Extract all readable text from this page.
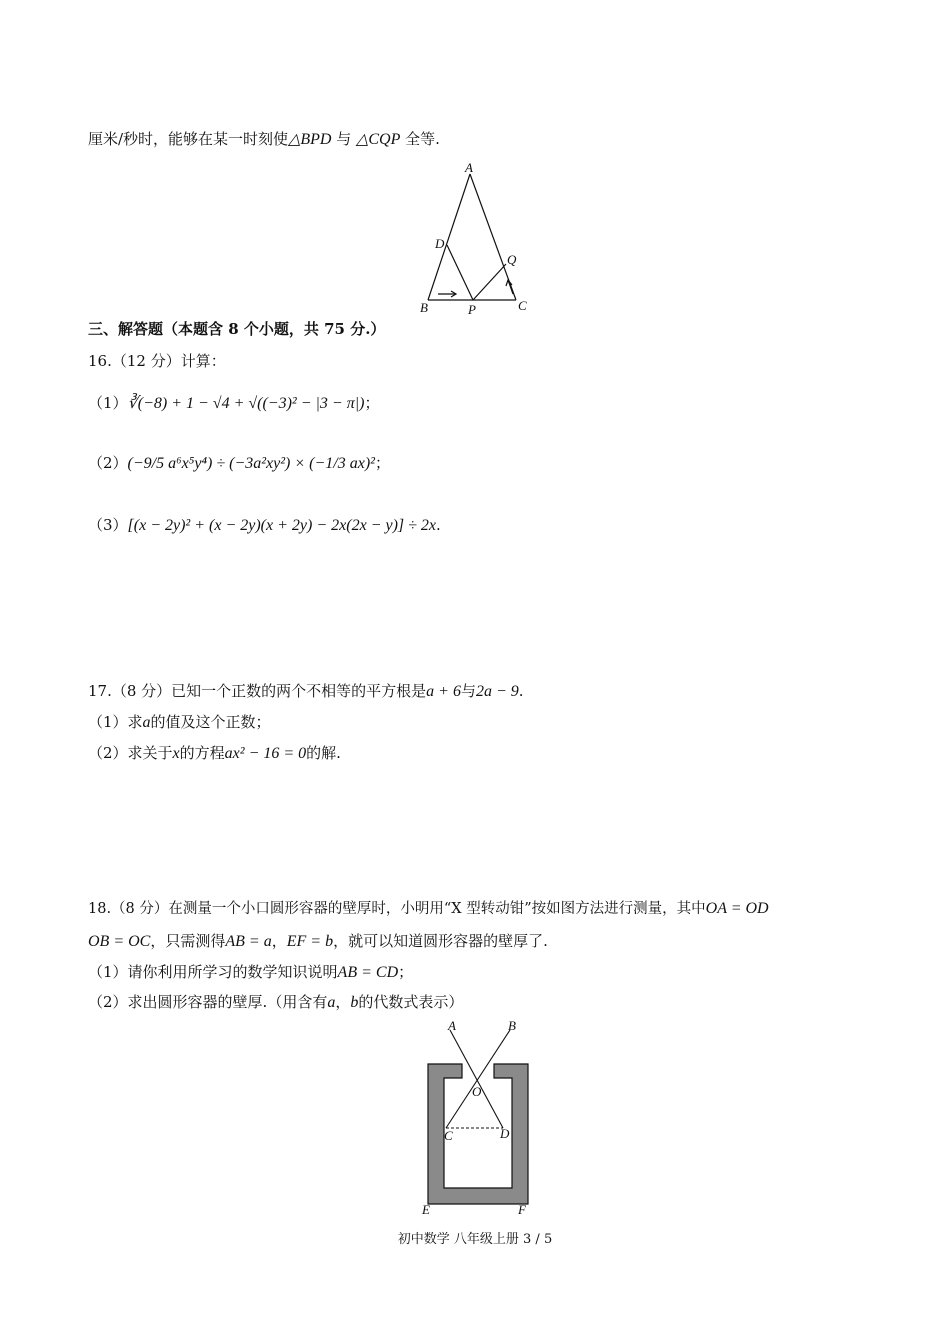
厘米/秒时，能够在某一时刻使△BPD 与 △CQP 全等.
A
D
Q
B	P	C
三、解答题（本题含 8 个小题，共 75 分.）
16.（12 分）计算：
（1）∛(−8) + 1 − √4 + √((−3)² − |3 − π|)；
（2）(−9/5 a⁶x⁵y⁴) ÷ (−3a²xy²) × (−1/3 ax)²；
（3）[(x − 2y)² + (x − 2y)(x + 2y) − 2x(2x − y)] ÷ 2x.
17.（8 分）已知一个正数的两个不相等的平方根是a + 6与2a − 9.
（1）求a的值及这个正数；
（2）求关于x的方程ax² − 16 = 0的解.
18.（8 分）在测量一个小口圆形容器的壁厚时，小明用“X 型转动钳”按如图方法进行测量，其中OA = OD
OB = OC，只需测得AB = a，EF = b，就可以知道圆形容器的壁厚了.
（1）请你利用所学习的数学知识说明AB = CD；
（2）求出圆形容器的壁厚.（用含有a，b的代数式表示）
A	B
O
C	D
E	F
初中数学 八年级上册 3 / 5
